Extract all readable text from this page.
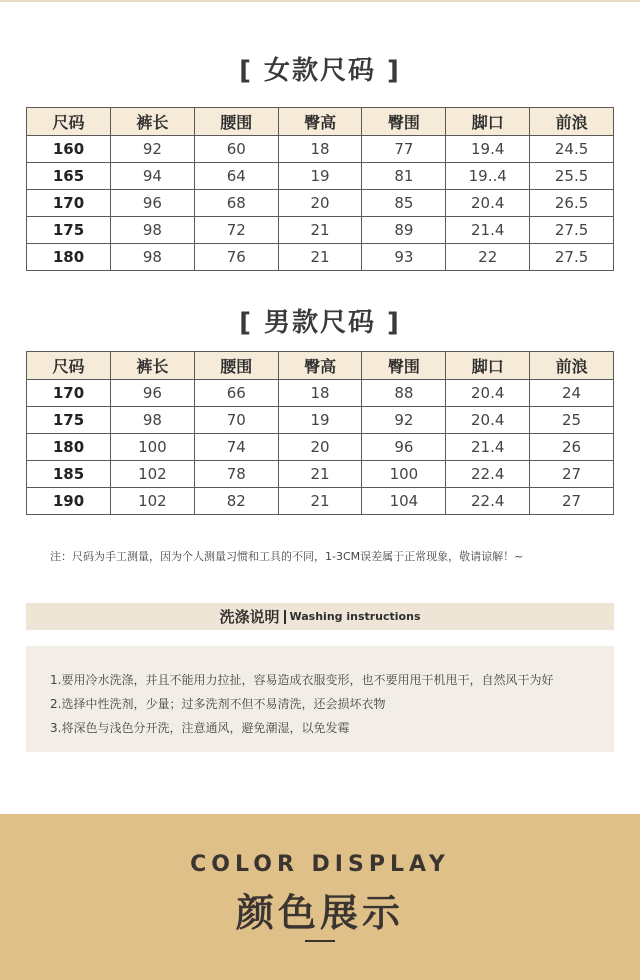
[ 女款尺码 ]
尺码	裤长	腰围	臀高	臀围	脚口	前浪
160	92	60	18	77	19.4	24.5
165	94	64	19	81	19..4	25.5
170	96	68	20	85	20.4	26.5
175	98	72	21	89	21.4	27.5
180	98	76	21	93	22	27.5
[ 男款尺码 ]
尺码	裤长	腰围	臀高	臀围	脚口	前浪
170	96	66	18	88	20.4	24
175	98	70	19	92	20.4	25
180	100	74	20	96	21.4	26
185	102	78	21	100	22.4	27
190	102	82	21	104	22.4	27
注：尺码为手工测量，因为个人测量习惯和工具的不同，1-3CM误差属于正常现象，敬请谅解！~
洗涤说明 Washing instructions
1.要用冷水洗涤，并且不能用力拉扯，容易造成衣服变形，也不要用甩干机甩干，自然风干为好
2.选择中性洗剂，少量；过多洗剂不但不易清洗，还会损坏衣物
3.将深色与浅色分开洗，注意通风，避免潮湿，以免发霉
COLOR DISPLAY
颜色展示
